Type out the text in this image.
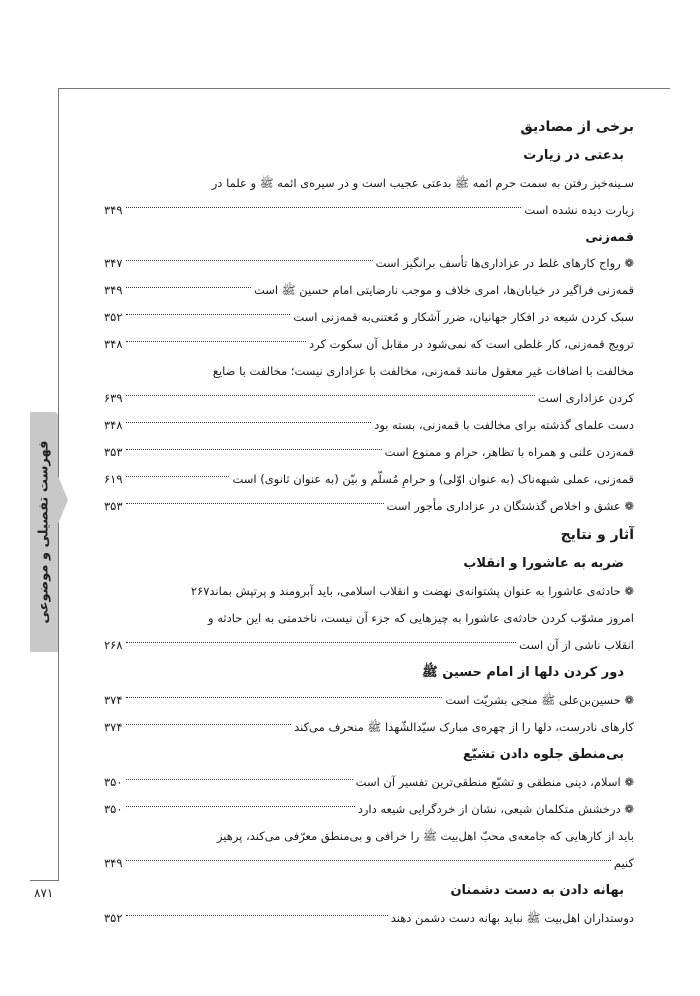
فهرست تفصیلی و موضوعی
۸۷۱
برخی از مصادیق
بدعتی در زیارت
سـینه‌خیز رفتن به سمت حرم ائمه ﷺ بدعتی عجیب است و در سیره‌ی ائمه ﷺ و علما در
زیارت دیده نشده است
۳۴۹
قمه‌زنی
❁ رواج کارهای غلط در عزاداری‌ها تأسف برانگیز است
۳۴۷
قمه‌زنی فراگیر در خیابان‌ها، امری خلاف و موجب نارضایتی امام حسین ﷺ است
۳۴۹
سبک کردن شیعه در افکار جهانیان، ضرر آشکار و مُعتنی‌به قمه‌زنی است
۳۵۲
ترویج قمه‌زنی، کار غلطی است که نمی‌شود در مقابل آن سکوت کرد
۳۴۸
مخالفت با اضافات غیر معقول مانند قمه‌زنی، مخالفت با عزاداری نیست؛ مخالفت با ضایع
کردن عزاداری است
۶۳۹
دست علمای گذشته برای مخالفت با قمه‌زنی، بسته بود
۳۴۸
قمه‌زدن علنی و همراه با تظاهر، حرام و ممنوع است
۳۵۳
قمه‌زنی، عملی شبهه‌ناک (به عنوان اوّلی) و حرامِ مُسلّم و بیّن (به عنوان ثانوی) است
۶۱۹
❁ عشق و اخلاص گذشتگان در عزاداری مأجور است
۳۵۳
آثار و نتایج
ضربه به عاشورا و انقلاب
❁ حادثه‌ی عاشورا به عنوان پشتوانه‌ی نهضت و انقلاب اسلامی، باید آبرومند و پرتپش بماند
۲۶۷
امروز مشوّب کردن حادثه‌ی عاشورا به چیزهایی که جزء آن نیست، ناخدمتی به این حادثه و
انقلاب ناشی از آن است
۲۶۸
دور کردن دلها از امام حسین ﷺ
❁ حسین‌بن‌علی ﷺ منجی بشریّت است
۳۷۴
کارهای نادرست، دلها را از چهره‌ی مبارک سیّدالشّهدا ﷺ منحرف می‌کند
۳۷۴
بی‌منطق جلوه دادن تشیّع
❁ اسلام، دینی منطقی و تشیّع منطقی‌ترین تفسیر آن است
۳۵۰
❁ درخشش متکلمان شیعی، نشان از خردگرایی شیعه دارد
۳۵۰
باید از کارهایی که جامعه‌ی محبّ اهل‌بیت ﷺ را خرافی و بی‌منطق معرّفی می‌کند، پرهیز
کنیم
۳۴۹
بهانه دادن به دست دشمنان
دوستداران اهل‌بیت ﷺ نباید بهانه دست دشمن دهند
۳۵۲
